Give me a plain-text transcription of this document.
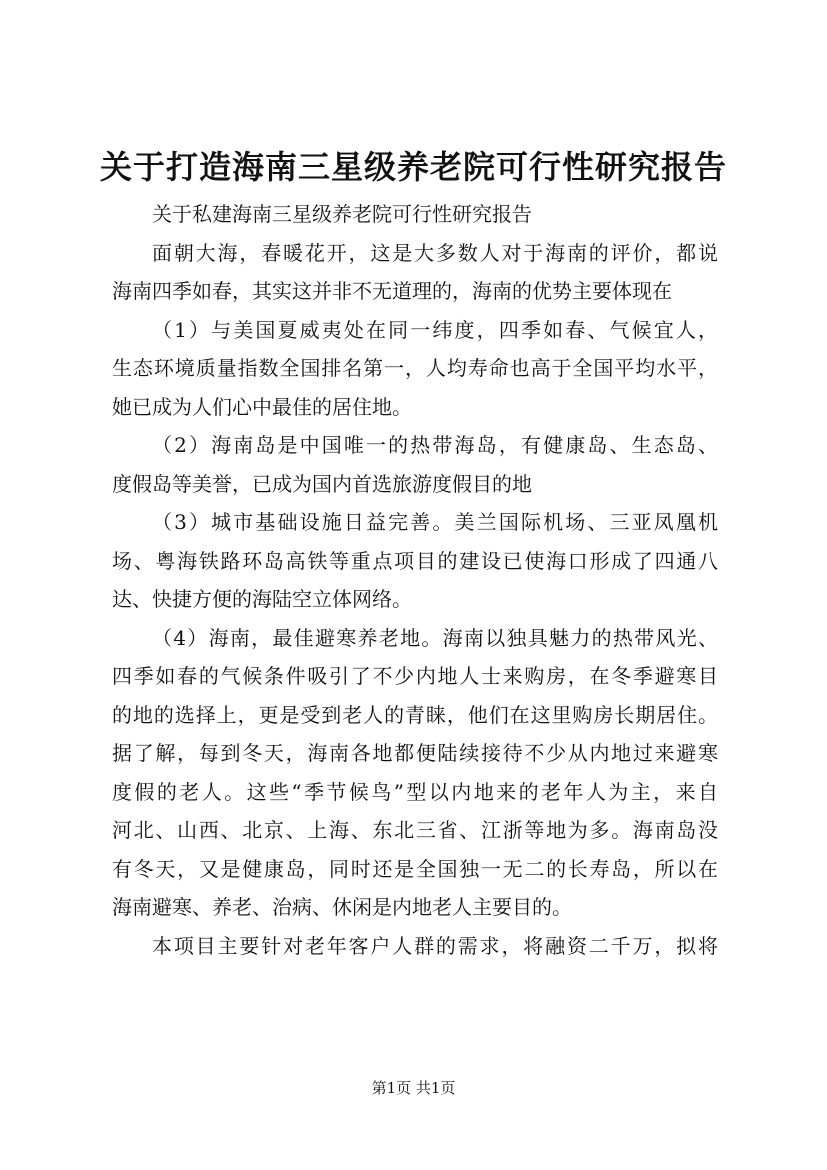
关于打造海南三星级养老院可行性研究报告
关于私建海南三星级养老院可行性研究报告
面朝大海，春暖花开，这是大多数人对于海南的评价，都说
海南四季如春，其实这并非不无道理的，海南的优势主要体现在
（1）与美国夏威夷处在同一纬度，四季如春、气候宜人，
生态环境质量指数全国排名第一，人均寿命也高于全国平均水平，
她已成为人们心中最佳的居住地。
（2）海南岛是中国唯一的热带海岛，有健康岛、生态岛、
度假岛等美誉，已成为国内首选旅游度假目的地
（3）城市基础设施日益完善。美兰国际机场、三亚凤凰机
场、粤海铁路环岛高铁等重点项目的建设已使海口形成了四通八
达、快捷方便的海陆空立体网络。
（4）海南，最佳避寒养老地。海南以独具魅力的热带风光、
四季如春的气候条件吸引了不少内地人士来购房，在冬季避寒目
的地的选择上，更是受到老人的青睐，他们在这里购房长期居住。
据了解，每到冬天，海南各地都便陆续接待不少从内地过来避寒
度假的老人。这些“季节候鸟”型以内地来的老年人为主，来自
河北、山西、北京、上海、东北三省、江浙等地为多。海南岛没
有冬天，又是健康岛，同时还是全国独一无二的长寿岛，所以在
海南避寒、养老、治病、休闲是内地老人主要目的。
本项目主要针对老年客户人群的需求，将融资二千万，拟将
第1页 共1页
